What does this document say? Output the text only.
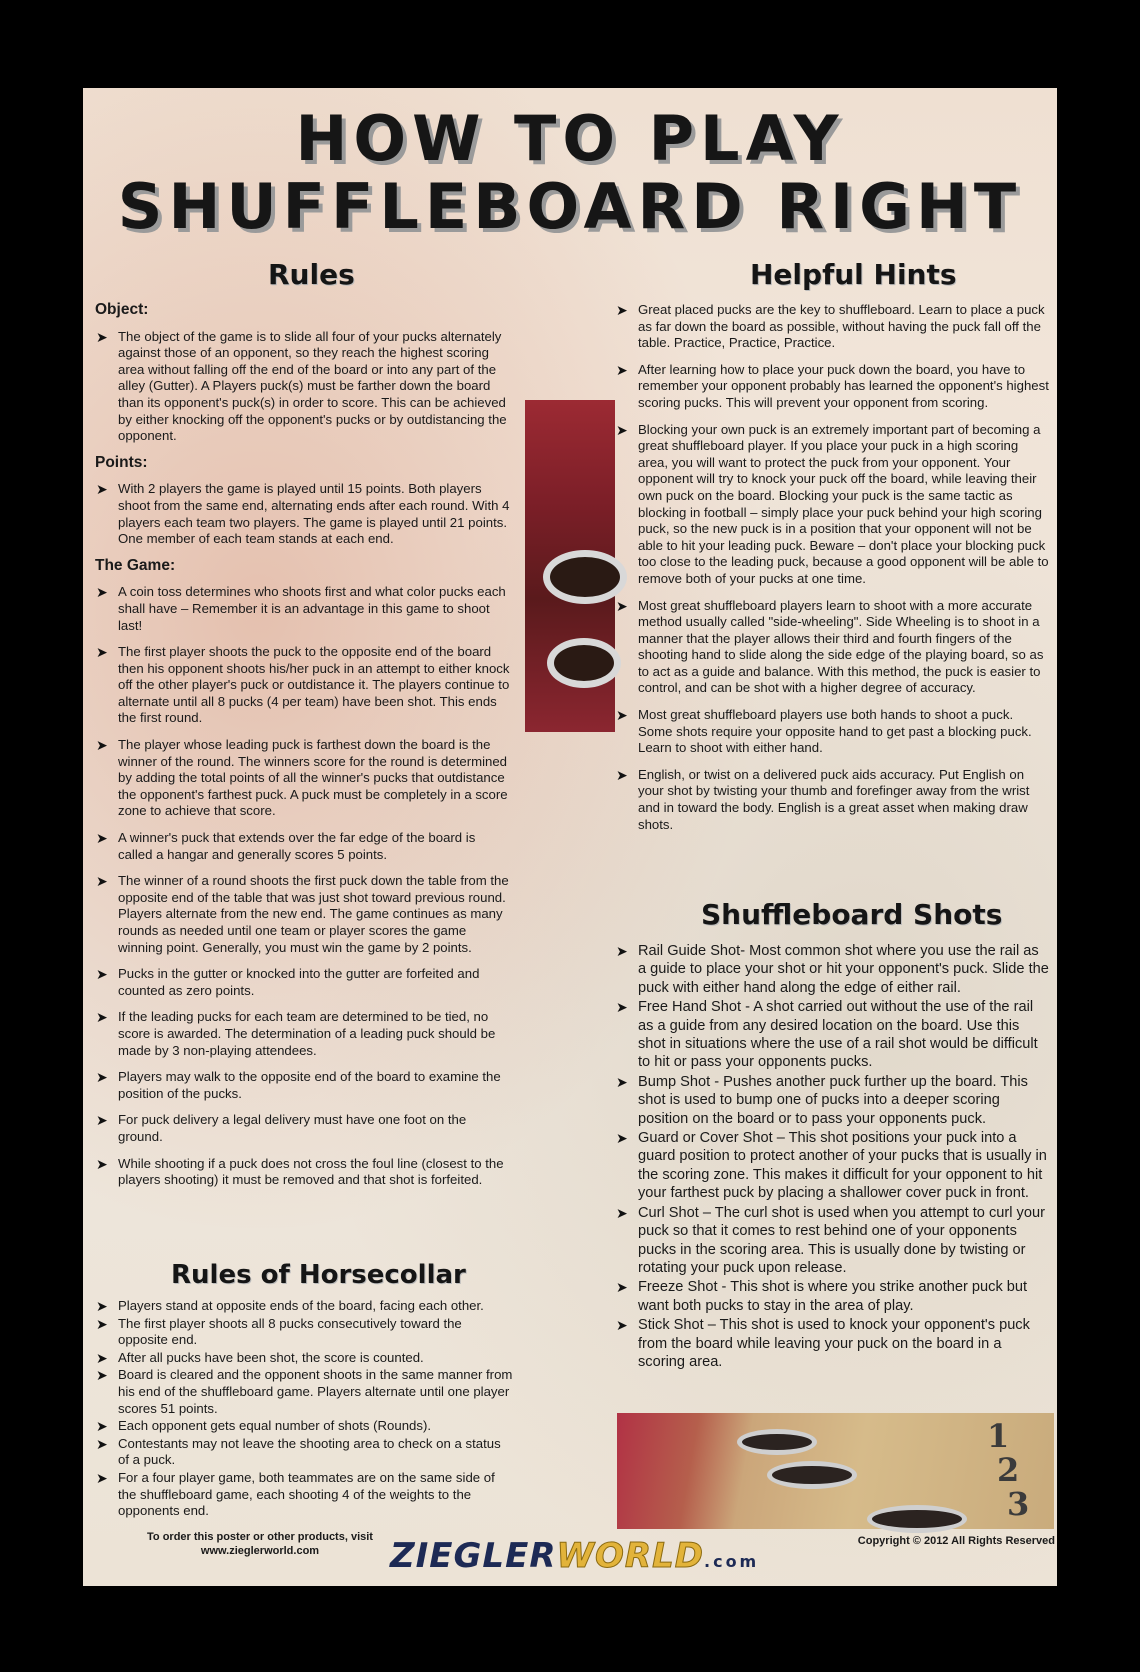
HOW TO PLAY
SHUFFLEBOARD RIGHT
1
2
3
Rules
Object:
➤ The object of the game is to slide all four of your pucks alternately against those of an opponent, so they reach the highest scoring area without falling off the end of the board or into any part of the alley (Gutter). A Players puck(s) must be farther down the board than its opponent's puck(s) in order to score. This can be achieved by either knocking off the opponent's pucks or by outdistancing the opponent.
Points:
➤ With 2 players the game is played until 15 points. Both players shoot from the same end, alternating ends after each round. With 4 players each team two players. The game is played until 21 points. One member of each team stands at each end.
The Game:
➤ A coin toss determines who shoots first and what color pucks each shall have – Remember it is an advantage in this game to shoot last!
➤ The first player shoots the puck to the opposite end of the board then his opponent shoots his/her puck in an attempt to either knock off the other player's puck or outdistance it. The players continue to alternate until all 8 pucks (4 per team) have been shot. This ends the first round.
➤ The player whose leading puck is farthest down the board is the winner of the round. The winners score for the round is determined by adding the total points of all the winner's pucks that outdistance the opponent's farthest puck. A puck must be completely in a score zone to achieve that score.
➤ A winner's puck that extends over the far edge of the board is called a hangar and generally scores 5 points.
➤ The winner of a round shoots the first puck down the table from the opposite end of the table that was just shot toward previous round. Players alternate from the new end. The game continues as many rounds as needed until one team or player scores the game winning point. Generally, you must win the game by 2 points.
➤ Pucks in the gutter or knocked into the gutter are forfeited and counted as zero points.
➤ If the leading pucks for each team are determined to be tied, no score is awarded. The determination of a leading puck should be made by 3 non-playing attendees.
➤ Players may walk to the opposite end of the board to examine the position of the pucks.
➤ For puck delivery a legal delivery must have one foot on the ground.
➤ While shooting if a puck does not cross the foul line (closest to the players shooting) it must be removed and that shot is forfeited.
Rules of Horsecollar
➤ Players stand at opposite ends of the board, facing each other.
➤ The first player shoots all 8 pucks consecutively toward the opposite end.
➤ After all pucks have been shot, the score is counted.
➤ Board is cleared and the opponent shoots in the same manner from his end of the shuffleboard game. Players alternate until one player scores 51 points.
➤ Each opponent gets equal number of shots (Rounds).
➤ Contestants may not leave the shooting area to check on a status of a puck.
➤ For a four player game, both teammates are on the same side of the shuffleboard game, each shooting 4 of the weights to the opponents end.
Helpful Hints
➤ Great placed pucks are the key to shuffleboard. Learn to place a puck as far down the board as possible, without having the puck fall off the table. Practice, Practice, Practice.
➤ After learning how to place your puck down the board, you have to remember your opponent probably has learned the opponent's highest scoring pucks. This will prevent your opponent from scoring.
➤ Blocking your own puck is an extremely important part of becoming a great shuffleboard player. If you place your puck in a high scoring area, you will want to protect the puck from your opponent. Your opponent will try to knock your puck off the board, while leaving their own puck on the board. Blocking your puck is the same tactic as blocking in football – simply place your puck behind your high scoring puck, so the new puck is in a position that your opponent will not be able to hit your leading puck. Beware – don't place your blocking puck too close to the leading puck, because a good opponent will be able to remove both of your pucks at one time.
➤ Most great shuffleboard players learn to shoot with a more accurate method usually called "side-wheeling". Side Wheeling is to shoot in a manner that the player allows their third and fourth fingers of the shooting hand to slide along the side edge of the playing board, so as to act as a guide and balance. With this method, the puck is easier to control, and can be shot with a higher degree of accuracy.
➤ Most great shuffleboard players use both hands to shoot a puck. Some shots require your opposite hand to get past a blocking puck. Learn to shoot with either hand.
➤ English, or twist on a delivered puck aids accuracy. Put English on your shot by twisting your thumb and forefinger away from the wrist and in toward the body. English is a great asset when making draw shots.
Shuffleboard Shots
➤ Rail Guide Shot- Most common shot where you use the rail as a guide to place your shot or hit your opponent's puck. Slide the puck with either hand along the edge of either rail.
➤ Free Hand Shot - A shot carried out without the use of the rail as a guide from any desired location on the board. Use this shot in situations where the use of a rail shot would be difficult to hit or pass your opponents pucks.
➤ Bump Shot - Pushes another puck further up the board. This shot is used to bump one of pucks into a deeper scoring position on the board or to pass your opponents puck.
➤ Guard or Cover Shot – This shot positions your puck into a guard position to protect another of your pucks that is usually in the scoring zone. This makes it difficult for your opponent to hit your farthest puck by placing a shallower cover puck in front.
➤ Curl Shot – The curl shot is used when you attempt to curl your puck so that it comes to rest behind one of your opponents pucks in the scoring area. This is usually done by twisting or rotating your puck upon release.
➤ Freeze Shot - This shot is where you strike another puck but want both pucks to stay in the area of play.
➤ Stick Shot – This shot is used to knock your opponent's puck from the board while leaving your puck on the board in a scoring area.
To order this poster or other products, visit
www.zieglerworld.com	ZIEGLERWORLD.com
Copyright © 2012 All Rights Reserved
